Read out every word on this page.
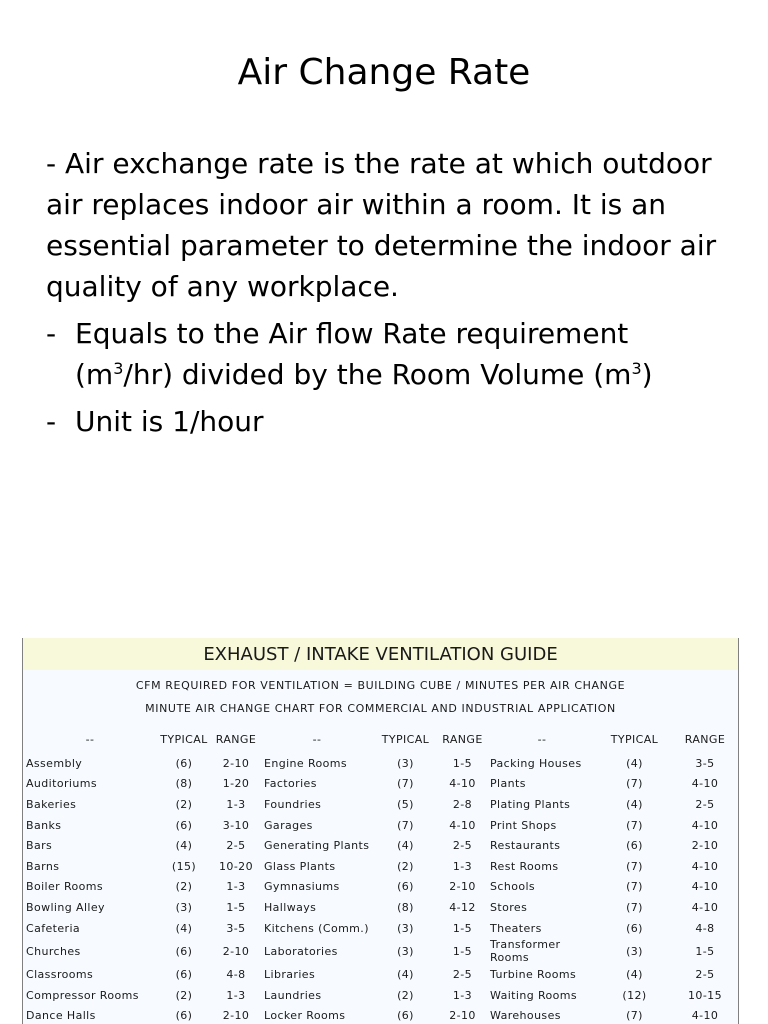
Air Change Rate
- Air exchange rate is the rate at which outdoor air replaces indoor air within a room. It is an essential parameter to determine the indoor air quality of any workplace.
- Equals to the Air flow Rate requirement
$(m^3/hr)$ divided by the Room Volume $(m^3)$
- Unit is 1/hour
EXHAUST / INTAKE VENTILATION GUIDE
CFM REQUIRED FOR VENTILATION = BUILDING CUBE / MINUTES PER AIR CHANGE
MINUTE AIR CHANGE CHART FOR COMMERCIAL AND INDUSTRIAL APPLICATION
--	TYPICAL	RANGE	--	TYPICAL	RANGE	--	TYPICAL	RANGE
Assembly	(6)	2-10	Engine Rooms	(3)	1-5	Packing Houses	(4)	3-5
Auditoriums	(8)	1-20	Factories	(7)	4-10	Plants	(7)	4-10
Bakeries	(2)	1-3	Foundries	(5)	2-8	Plating Plants	(4)	2-5
Banks	(6)	3-10	Garages	(7)	4-10	Print Shops	(7)	4-10
Bars	(4)	2-5	Generating Plants	(4)	2-5	Restaurants	(6)	2-10
Barns	(15)	10-20	Glass Plants	(2)	1-3	Rest Rooms	(7)	4-10
Boiler Rooms	(2)	1-3	Gymnasiums	(6)	2-10	Schools	(7)	4-10
Bowling Alley	(3)	1-5	Hallways	(8)	4-12	Stores	(7)	4-10
Cafeteria	(4)	3-5	Kitchens (Comm.)	(3)	1-5	Theaters	(6)	4-8
Churches	(6)	2-10	Laboratories	(3)	1-5	Transformer Rooms	(3)	1-5
Classrooms	(6)	4-8	Libraries	(4)	2-5	Turbine Rooms	(4)	2-5
Compressor Rooms	(2)	1-3	Laundries	(2)	1-3	Waiting Rooms	(12)	10-15
Dance Halls	(6)	2-10	Locker Rooms	(6)	2-10	Warehouses	(7)	4-10
